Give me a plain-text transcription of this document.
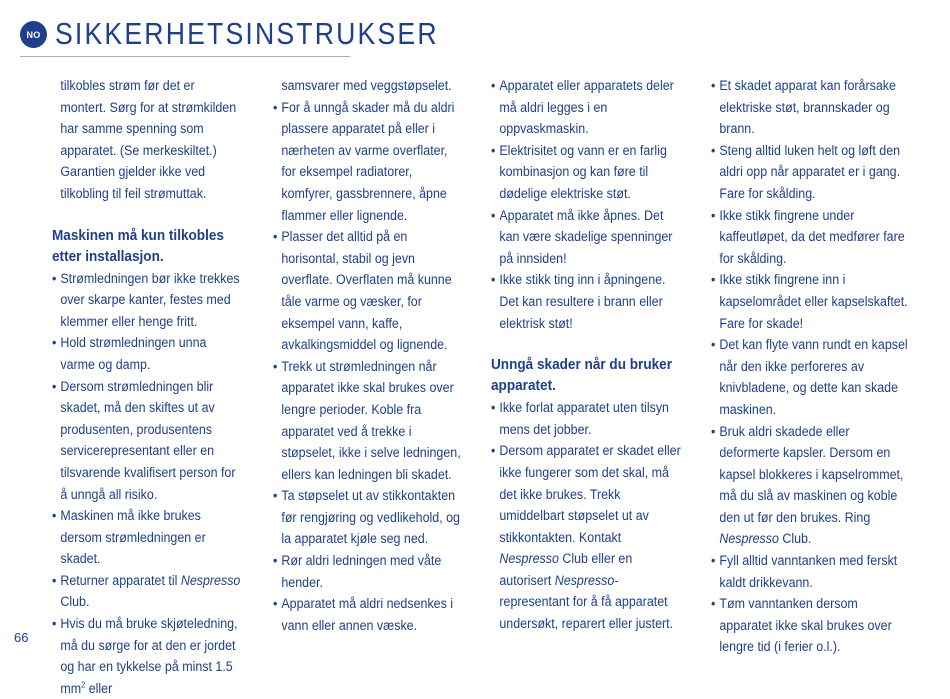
NO SIKKERHETSINSTRUKSER

tilkobles strøm før det er montert. Sørg for at strømkilden har samme spenning som apparatet. (Se merkeskiltet.) Garantien gjelder ikke ved tilkobling til feil strømuttak.

Maskinen må kun tilkobles etter installasjon.

• Strømledningen bør ikke trekkes over skarpe kanter, festes med klemmer eller henge fritt.

• Hold strømledningen unna varme og damp.

• Dersom strømledningen blir skadet, må den skiftes ut av produsenten, produsentens servicerepresentant eller en tilsvarende kvalifisert person for å unngå all risiko.

• Maskinen må ikke brukes dersom strømledningen er skadet.

• Returner apparatet til Nespresso Club.

• Hvis du må bruke skjøteledning, må du sørge for at den er jordet og har en tykkelse på minst 1.5 $mm^2$ eller

samsvarer med veggstøpselet.

• For å unngå skader må du aldri plassere apparatet på eller i nærheten av varme overflater, for eksempel radiatorer, komfyrer, gassbrennere, åpne flammer eller lignende.

• Plasser det alltid på en horisontal, stabil og jevn overflate. Overflaten må kunne tåle varme og væsker, for eksempel vann, kaffe, avkalkingsmiddel og lignende.

• Trekk ut strømledningen når apparatet ikke skal brukes over lengre perioder. Koble fra apparatet ved å trekke i støpselet, ikke i selve ledningen, ellers kan ledningen bli skadet.

• Ta støpselet ut av stikkontakten før rengjøring og vedlikehold, og la apparatet kjøle seg ned.

• Rør aldri ledningen med våte hender.

• Apparatet må aldri nedsenkes i vann eller annen væske.

• Apparatet eller apparatets deler må aldri legges i en oppvaskmaskin.

• Elektrisitet og vann er en farlig kombinasjon og kan føre til dødelige elektriske støt.

• Apparatet må ikke åpnes. Det kan være skadelige spenninger på innsiden!

• Ikke stikk ting inn i åpningene. Det kan resultere i brann eller elektrisk støt!

Unngå skader når du bruker apparatet.

• Ikke forlat apparatet uten tilsyn mens det jobber.

• Dersom apparatet er skadet eller ikke fungerer som det skal, må det ikke brukes. Trekk umiddelbart støpselet ut av stikkontakten. Kontakt Nespresso Club eller en autorisert Nespresso-representant for å få apparatet undersøkt, reparert eller justert.

• Et skadet apparat kan forårsake elektriske støt, brannskader og brann.

• Steng alltid luken helt og løft den aldri opp når apparatet er i gang. Fare for skålding.

• Ikke stikk fingrene under kaffeutløpet, da det medfører fare for skålding.

• Ikke stikk fingrene inn i kapselområdet eller kapselskaftet. Fare for skade!

• Det kan flyte vann rundt en kapsel når den ikke perforeres av knivbladene, og dette kan skade maskinen.

• Bruk aldri skadede eller deformerte kapsler. Dersom en kapsel blokkeres i kapselrommet, må du slå av maskinen og koble den ut før den brukes. Ring Nespresso Club.

• Fyll alltid vanntanken med ferskt kaldt drikkevann.

• Tøm vanntanken dersom apparatet ikke skal brukes over lengre tid (i ferier o.l.).

66
